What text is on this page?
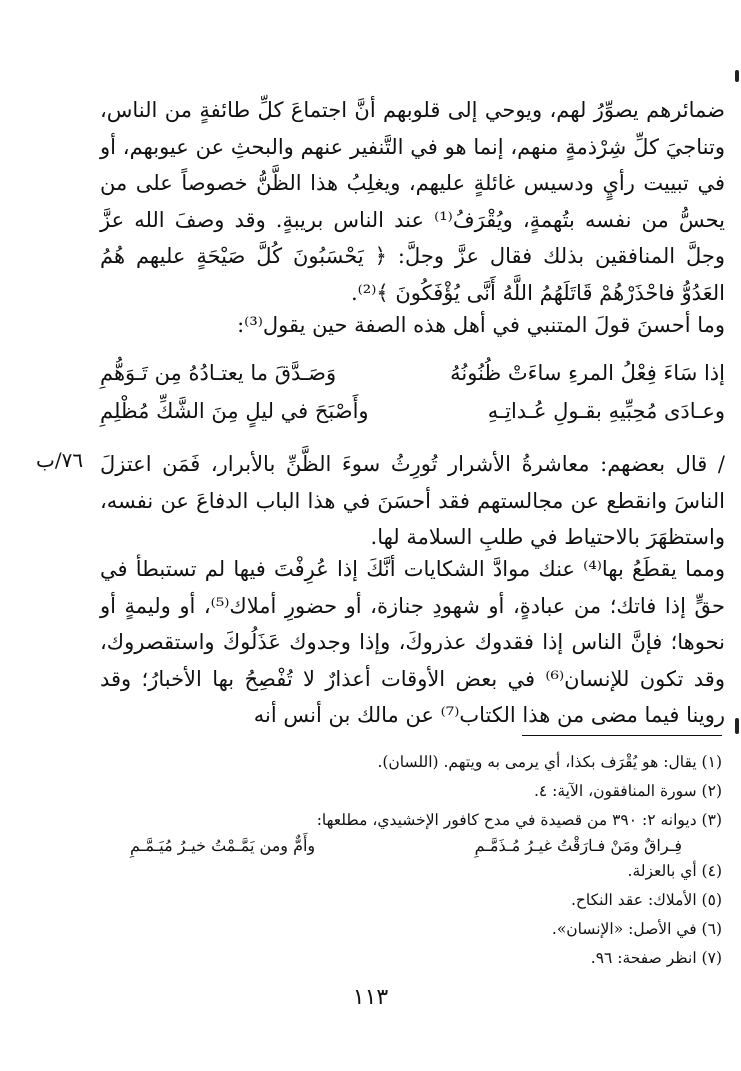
ضمائرهم يصوِّرُ لهم، ويوحي إلى قلوبهم أنَّ اجتماعَ كلِّ طائفةٍ من الناس، وتناجيَ كلِّ شِرْذمةٍ منهم، إنما هو في التَّنفير عنهم والبحثِ عن عيوبهم، أو في تبييت رأيٍ ودسيس غائلةٍ عليهم، ويغلِبُ هذا الظَّنُّ خصوصاً على من يحسُّ من نفسه بتُهمةٍ، ويُقْرَفُ⁽¹⁾ عند الناس بريبةٍ. وقد وصفَ الله عزَّ وجلَّ المنافقين بذلك فقال عزَّ وجلَّ: ﴿ يَحْسَبُونَ كُلَّ صَيْحَةٍ عليهم هُمُ العَدُوُّ فاحْذَرْهُمْ قَاتَلَهُمُ اللَّهُ أَنَّى يُؤْفَكُونَ ﴾⁽²⁾.

وما أحسنَ قولَ المتنبي في أهل هذه الصفة حين يقول⁽³⁾:

إذا سَاءَ فِعْلُ المرءِ ساءَتْ ظُنُونُهُ
وَصَـدَّقَ ما يعتـادُهُ مِن تَـوَهُّمِ
وعـادَى مُحِبِّيهِ بقـولِ عُـداتِـهِ
وأَصْبَحَ في ليلٍ مِنَ الشَّكِّ مُظْلِمِ
٧٦/ب / قال بعضهم: معاشرةُ الأشرار تُورِثُ سوءَ الظَّنِّ بالأبرار، فَمَن اعتزلَ الناسَ وانقطع عن مجالستهم فقد أحسَنَ في هذا الباب الدفاعَ عن نفسه، واستظهَرَ بالاحتياط في طلبِ السلامة لها.

ومما يقطَعُ بها⁽⁴⁾ عنك موادَّ الشكايات أنَّكَ إذا عُرِفْتَ فيها لم تستبطأ في حقٍّ إذا فاتك؛ من عبادةٍ، أو شهودِ جنازة، أو حضورِ أملاك⁽⁵⁾، أو وليمةٍ أو نحوها؛ فإنَّ الناس إذا فقدوك عذروكَ، وإذا وجدوك عَذَلُوكَ واستقصروك، وقد تكون للإنسان⁽⁶⁾ في بعض الأوقات أعذارٌ لا تُفْصِحُ بها الأخبارُ؛ وقد روينا فيما مضى من هذا الكتاب⁽⁷⁾ عن مالك بن أنس أنه

(١) يقال: هو يُقْرَف بكذا، أي يرمى به ويتهم. (اللسان).
(٢) سورة المنافقون، الآية: ٤.
(٣) ديوانه ٢: ٣٩٠ من قصيدة في مدح كافور الإخشيدي، مطلعها:
فِـراقٌ ومَنْ فـارَقْتُ غيـرُ مُـذَمَّـمِ
وأَمٌّ ومن يَمَّـمْتُ خيـرُ مُيَـمَّـمِ
(٤) أي بالعزلة.
(٥) الأملاك: عقد النكاح.
(٦) في الأصل: «الإنسان».
(٧) انظر صفحة: ٩٦.
١١٣
